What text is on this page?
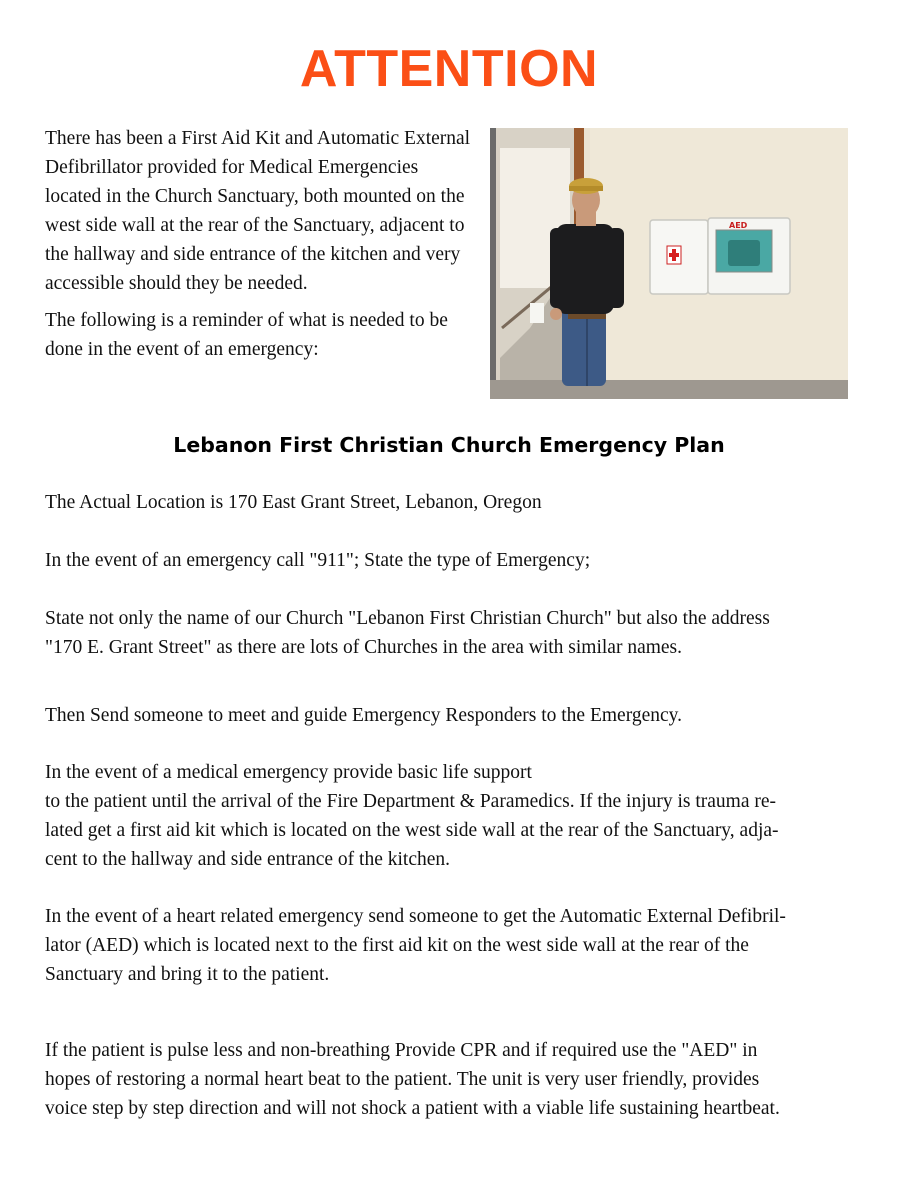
ATTENTION

There has been a First Aid Kit and Automatic External Defibrillator provided for Medical Emergencies located in the Church Sanctuary, both mounted on the west side wall at the rear of the Sanctuary, adjacent to the hallway and side entrance of the kitchen and very accessible should they be needed.

The following is a reminder of what is needed to be done in the event of an emergency:

AED
Lebanon First Christian Church Emergency Plan

The Actual Location is 170 East Grant Street, Lebanon, Oregon

In the event of an emergency call "911"; State the type of Emergency;

State not only the name of our Church "Lebanon First Christian Church" but also the address
"170 E. Grant Street" as there are lots of Churches in the area with similar names.

Then Send someone to meet and guide Emergency Responders to the Emergency.

In the event of a medical emergency provide basic life support
to the patient until the arrival of the Fire Department & Paramedics. If the injury is trauma re-
lated get a first aid kit which is located on the west side wall at the rear of the Sanctuary, adja-
cent to the hallway and side entrance of the kitchen.

In the event of a heart related emergency send someone to get the Automatic External Defibril-
lator (AED) which is located next to the first aid kit on the west side wall at the rear of the
Sanctuary and bring it to the patient.

If the patient is pulse less and non-breathing Provide CPR and if required use the "AED" in
hopes of restoring a normal heart beat to the patient. The unit is very user friendly, provides
voice step by step direction and will not shock a patient with a viable life sustaining heartbeat.
